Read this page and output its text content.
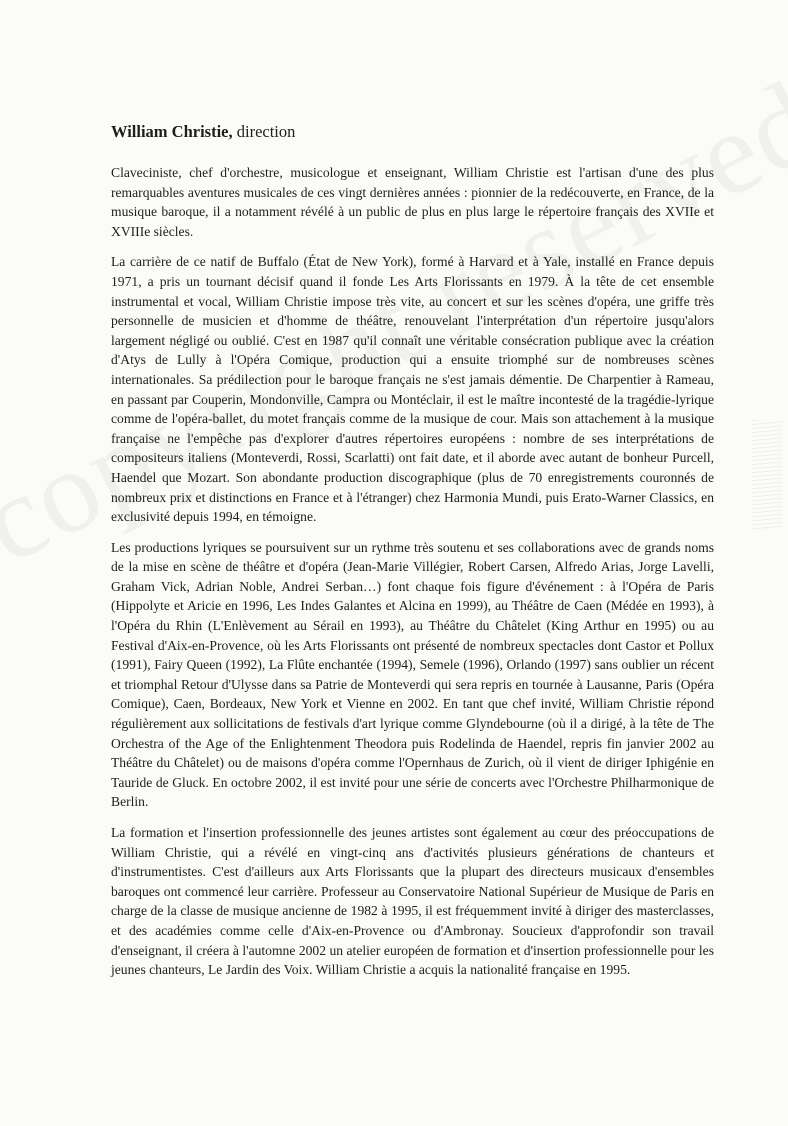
William Christie, direction

Claveciniste, chef d'orchestre, musicologue et enseignant, William Christie est l'artisan d'une des plus remarquables aventures musicales de ces vingt dernières années : pionnier de la redécouverte, en France, de la musique baroque, il a notamment révélé à un public de plus en plus large le répertoire français des XVIIe et XVIIIe siècles.

La carrière de ce natif de Buffalo (État de New York), formé à Harvard et à Yale, installé en France depuis 1971, a pris un tournant décisif quand il fonde Les Arts Florissants en 1979. À la tête de cet ensemble instrumental et vocal, William Christie impose très vite, au concert et sur les scènes d'opéra, une griffe très personnelle de musicien et d'homme de théâtre, renouvelant l'interprétation d'un répertoire jusqu'alors largement négligé ou oublié. C'est en 1987 qu'il connaît une véritable consécration publique avec la création d'Atys de Lully à l'Opéra Comique, production qui a ensuite triomphé sur de nombreuses scènes internationales. Sa prédilection pour le baroque français ne s'est jamais démentie. De Charpentier à Rameau, en passant par Couperin, Mondonville, Campra ou Montéclair, il est le maître incontesté de la tragédie-lyrique comme de l'opéra-ballet, du motet français comme de la musique de cour. Mais son attachement à la musique française ne l'empêche pas d'explorer d'autres répertoires européens : nombre de ses interprétations de compositeurs italiens (Monteverdi, Rossi, Scarlatti) ont fait date, et il aborde avec autant de bonheur Purcell, Haendel que Mozart. Son abondante production discographique (plus de 70 enregistrements couronnés de nombreux prix et distinctions en France et à l'étranger) chez Harmonia Mundi, puis Erato-Warner Classics, en exclusivité depuis 1994, en témoigne.

Les productions lyriques se poursuivent sur un rythme très soutenu et ses collaborations avec de grands noms de la mise en scène de théâtre et d'opéra (Jean-Marie Villégier, Robert Carsen, Alfredo Arias, Jorge Lavelli, Graham Vick, Adrian Noble, Andrei Serban…) font chaque fois figure d'événement : à l'Opéra de Paris (Hippolyte et Aricie en 1996, Les Indes Galantes et Alcina en 1999), au Théâtre de Caen (Médée en 1993), à l'Opéra du Rhin (L'Enlèvement au Sérail en 1993), au Théâtre du Châtelet (King Arthur en 1995) ou au Festival d'Aix-en-Provence, où les Arts Florissants ont présenté de nombreux spectacles dont Castor et Pollux (1991), Fairy Queen (1992), La Flûte enchantée (1994), Semele (1996), Orlando (1997) sans oublier un récent et triomphal Retour d'Ulysse dans sa Patrie de Monteverdi qui sera repris en tournée à Lausanne, Paris (Opéra Comique), Caen, Bordeaux, New York et Vienne en 2002. En tant que chef invité, William Christie répond régulièrement aux sollicitations de festivals d'art lyrique comme Glyndebourne (où il a dirigé, à la tête de The Orchestra of the Age of the Enlightenment Theodora puis Rodelinda de Haendel, repris fin janvier 2002 au Théâtre du Châtelet) ou de maisons d'opéra comme l'Opernhaus de Zurich, où il vient de diriger Iphigénie en Tauride de Gluck. En octobre 2002, il est invité pour une série de concerts avec l'Orchestre Philharmonique de Berlin.

La formation et l'insertion professionnelle des jeunes artistes sont également au cœur des préoccupations de William Christie, qui a révélé en vingt-cinq ans d'activités plusieurs générations de chanteurs et d'instrumentistes. C'est d'ailleurs aux Arts Florissants que la plupart des directeurs musicaux d'ensembles baroques ont commencé leur carrière. Professeur au Conservatoire National Supérieur de Musique de Paris en charge de la classe de musique ancienne de 1982 à 1995, il est fréquemment invité à diriger des masterclasses, et des académies comme celle d'Aix-en-Provence ou d'Ambronay. Soucieux d'approfondir son travail d'enseignant, il créera à l'automne 2002 un atelier européen de formation et d'insertion professionnelle pour les jeunes chanteurs, Le Jardin des Voix. William Christie a acquis la nationalité française en 1995.
